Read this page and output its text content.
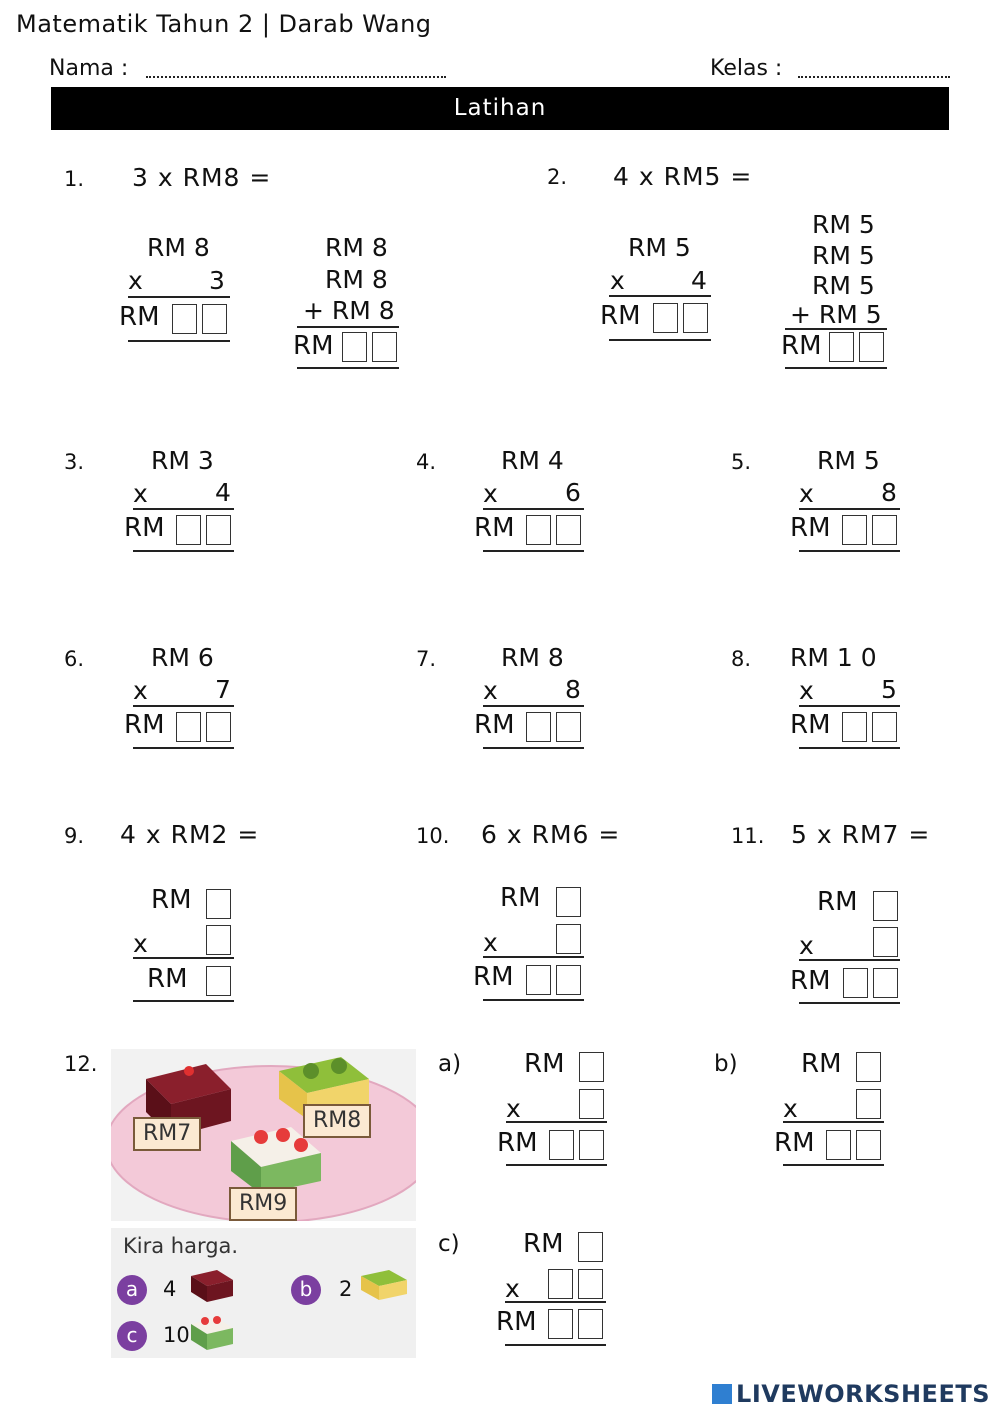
Matematik Tahun 2 | Darab Wang
Nama :	Kelas :
Latihan
1. 3 x RM8 =
RM 8
x	3
RM
RM 8
RM 8
+ RM 8
RM
2. 4 x RM5 =
RM 5
x	4
RM
RM 5
RM 5
RM 5
+ RM 5
RM
3.	RM 3
x	4
RM
4.	RM 4
x	6
RM
5.	RM 5
x	8
RM
6.	RM 6
x	7
RM
7.	RM 8
x	8
RM
8. RM 1 0
x	5
RM
9. 4 x RM2 =
RM
x
RM
10. 6 x RM6 =
RM
x
RM
11. 5 x RM7 =
RM
x
RM
12.
RM7
RM8
RM9
Kira harga.
a	4	b	2
c	10
a) RM
x
RM
b) RM
x
RM
c) RM
x
RM
LIVEWORKSHEETS
